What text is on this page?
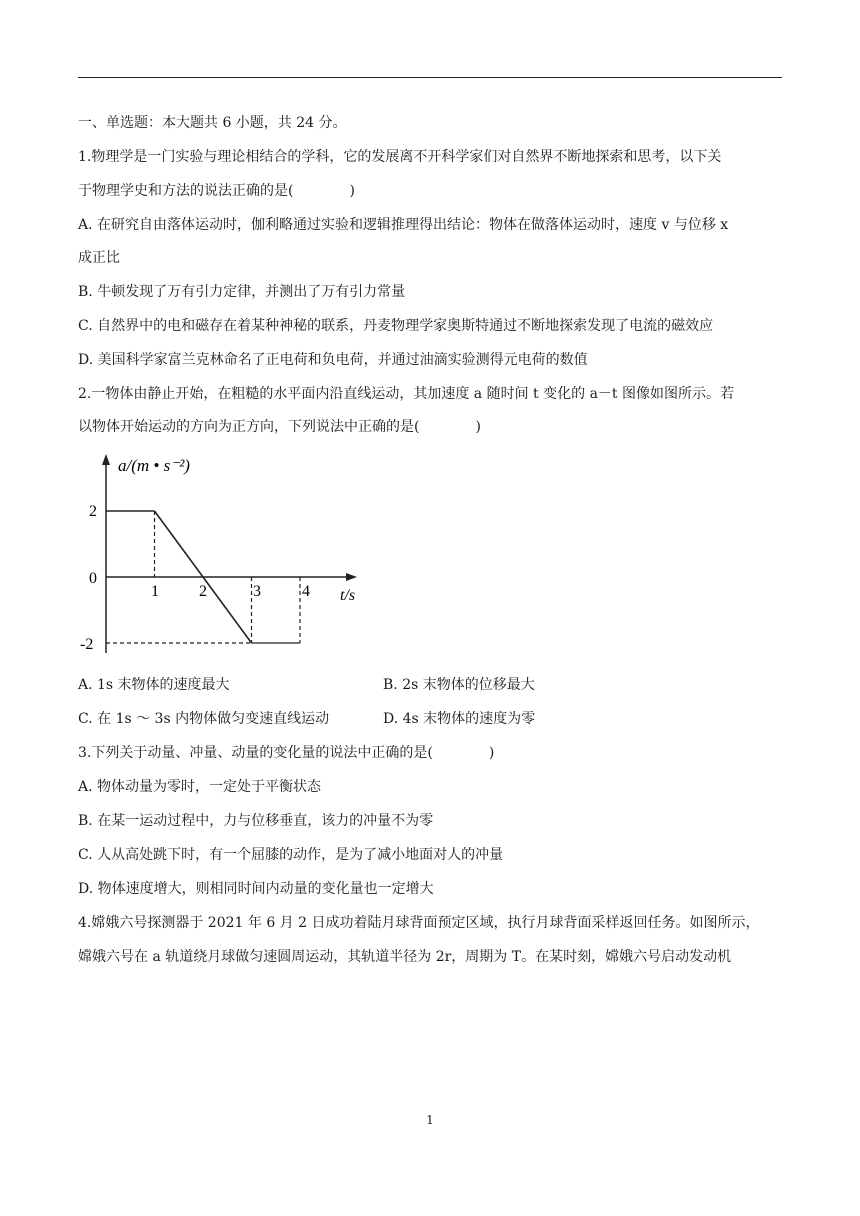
一、单选题：本大题共 6 小题，共 24 分。
1.物理学是一门实验与理论相结合的学科，它的发展离不开科学家们对自然界不断地探索和思考，以下关
于物理学史和方法的说法正确的是(　　　　)
A. 在研究自由落体运动时，伽利略通过实验和逻辑推理得出结论：物体在做落体运动时，速度 v 与位移 x
成正比
B. 牛顿发现了万有引力定律，并测出了万有引力常量
C. 自然界中的电和磁存在着某种神秘的联系，丹麦物理学家奥斯特通过不断地探索发现了电流的磁效应
D. 美国科学家富兰克林命名了正电荷和负电荷，并通过油滴实验测得元电荷的数值
2.一物体由静止开始，在粗糙的水平面内沿直线运动，其加速度 a 随时间 t 变化的 a－t 图像如图所示。若
以物体开始运动的方向为正方向，下列说法中正确的是(　　　　)
a/(m • s⁻²)
t/s
2
0
-2
1	2	3	4
A. 1s 末物体的速度最大	B. 2s 末物体的位移最大
C. 在 1s ～ 3s 内物体做匀变速直线运动	D. 4s 末物体的速度为零
3.下列关于动量、冲量、动量的变化量的说法中正确的是(　　　　)
A. 物体动量为零时，一定处于平衡状态
B. 在某一运动过程中，力与位移垂直，该力的冲量不为零
C. 人从高处跳下时，有一个屈膝的动作，是为了减小地面对人的冲量
D. 物体速度增大，则相同时间内动量的变化量也一定增大
4.嫦娥六号探测器于 2021 年 6 月 2 日成功着陆月球背面预定区域，执行月球背面采样返回任务。如图所示，
嫦娥六号在 a 轨道绕月球做匀速圆周运动，其轨道半径为 2r，周期为 T。在某时刻，嫦娥六号启动发动机
1
